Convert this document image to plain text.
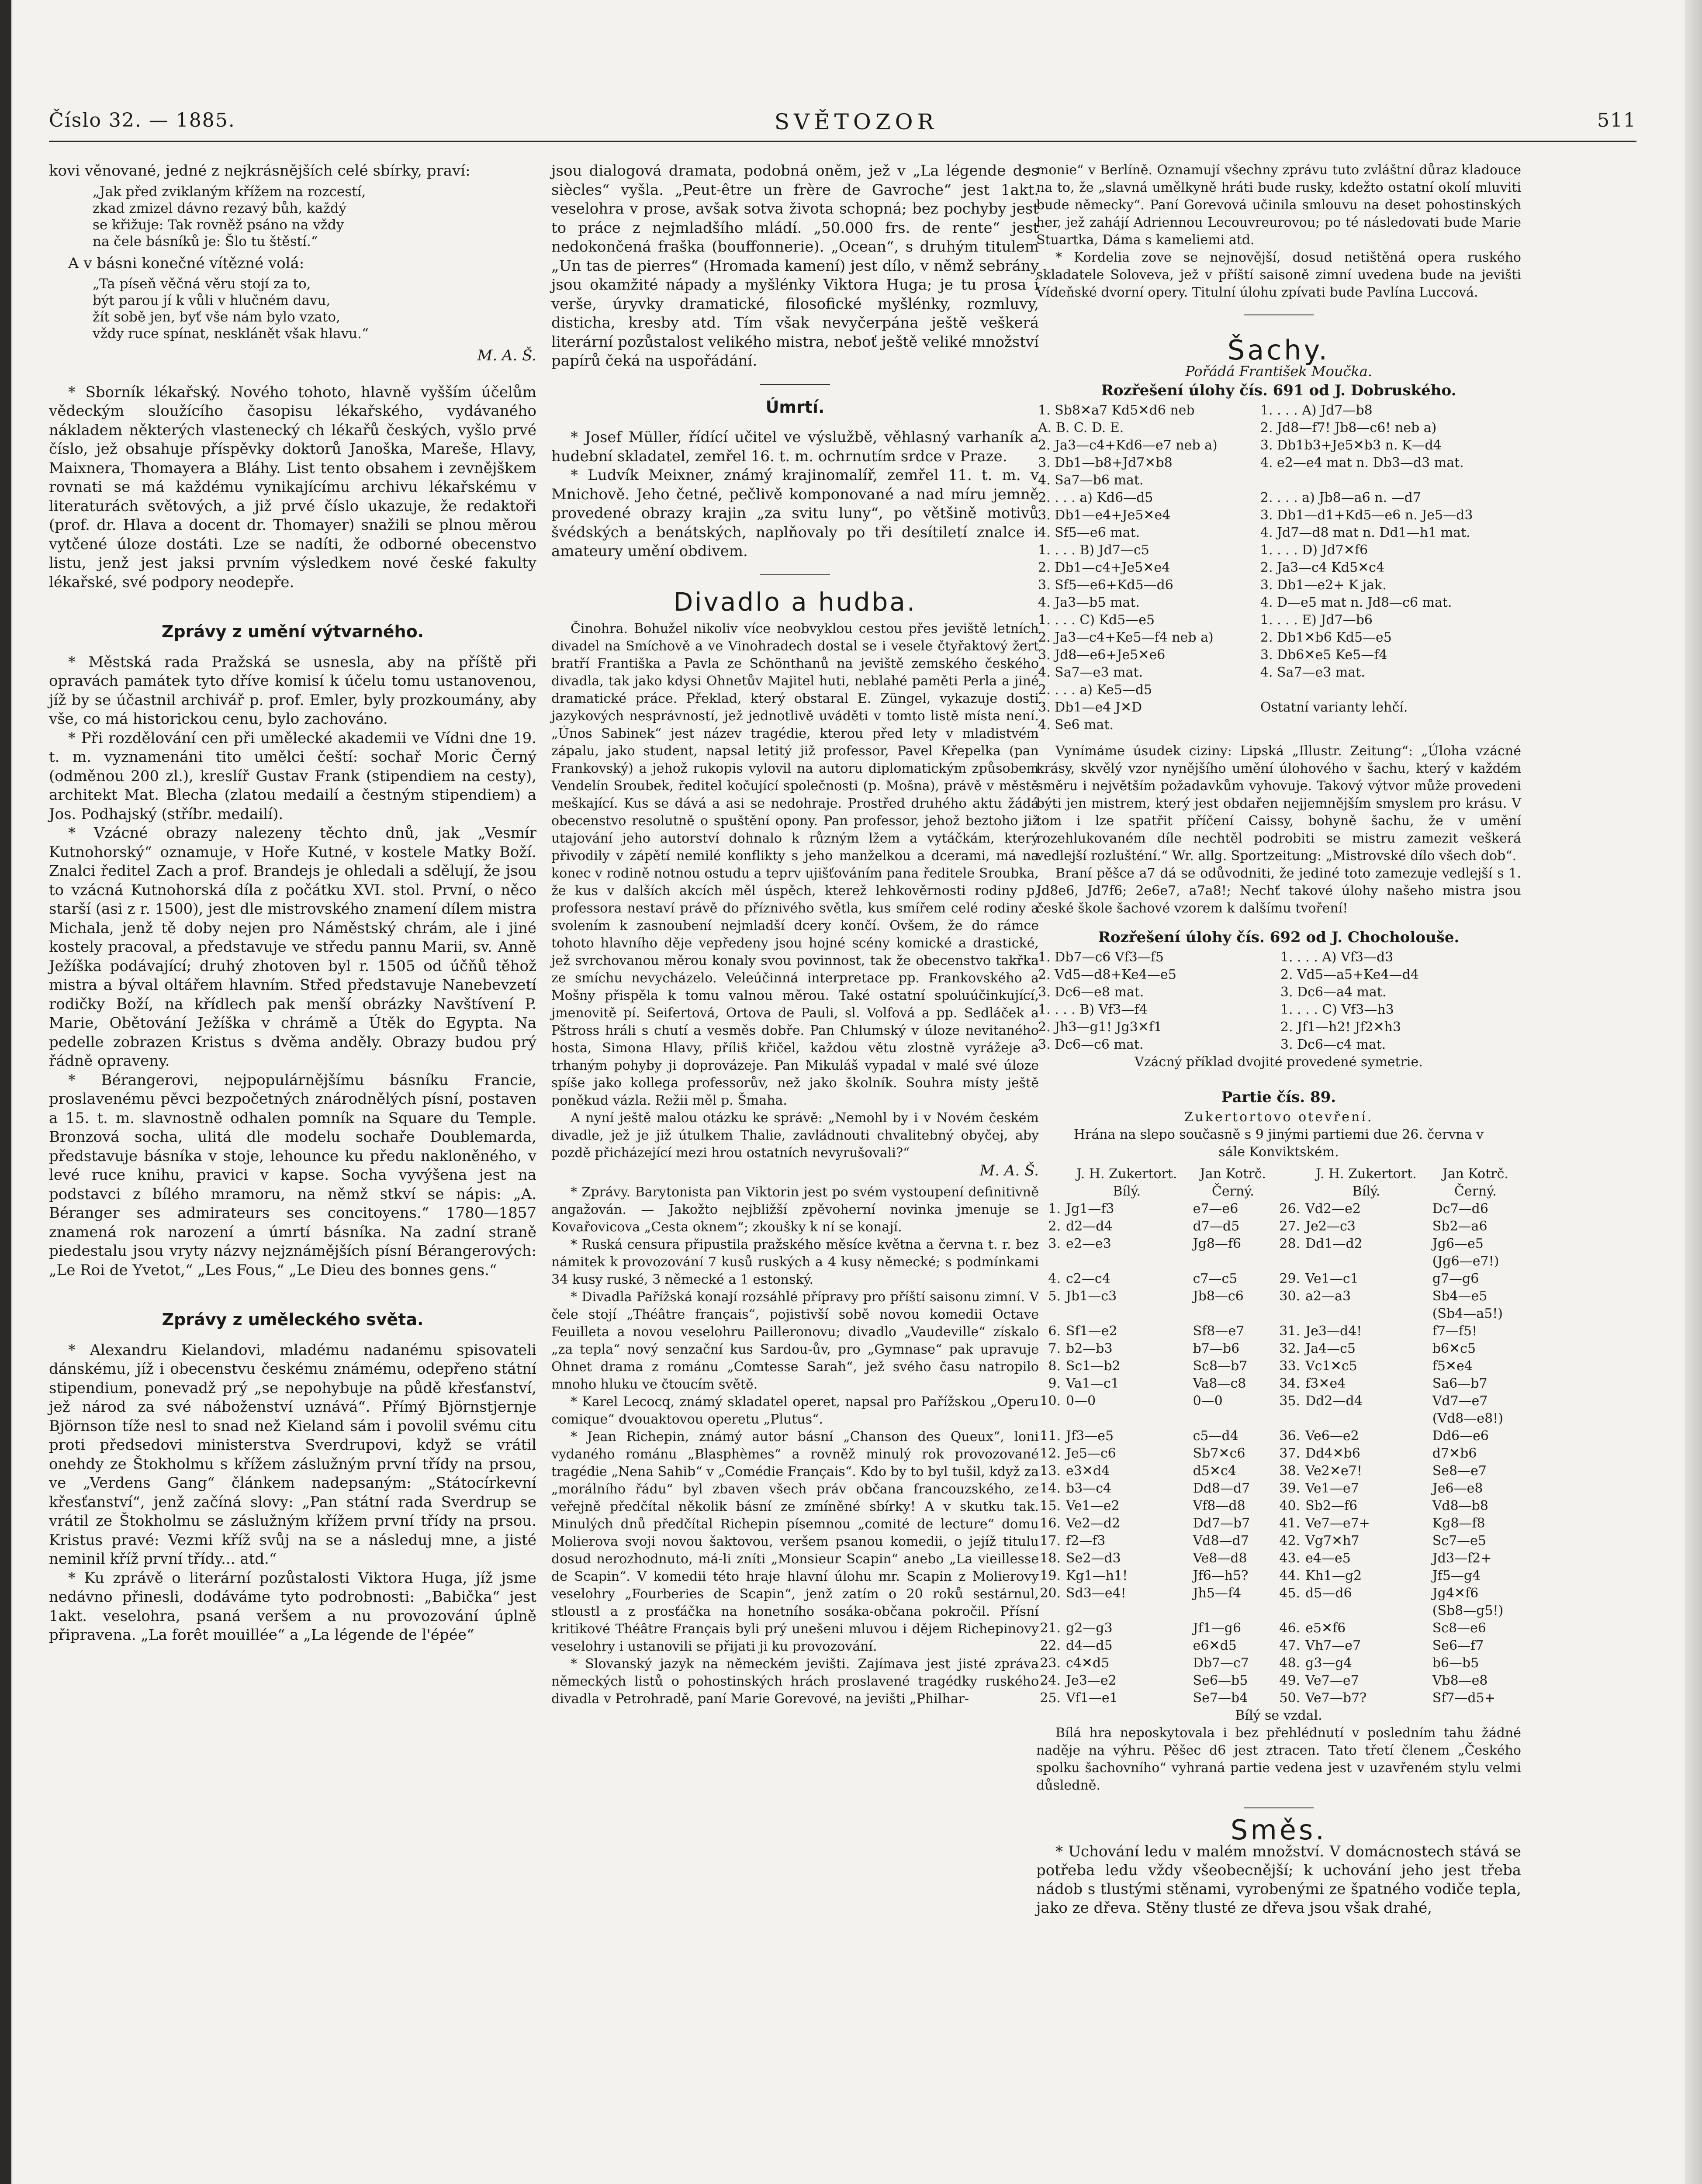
Číslo 32. — 1885.	SVĚTOZOR	511

kovi věnované, jedné z nejkrásnějších celé sbírky, praví:

„Jak před zviklaným křížem na rozcestí,
zkad zmizel dávno rezavý bůh, každý
se křižuje: Tak rovněž psáno na vždy
na čele básníků je: Šlo tu štěstí.“

A v básni konečné vítězné volá:

„Ta píseň věčná věru stojí za to,
být parou jí k vůli v hlučném davu,
žít sobě jen, byť vše nám bylo vzato,
vždy ruce spínat, nesklánět však hlavu.“
M. A. Š.

* Sborník lékařský. Nového tohoto, hlavně vyšším účelům vědeckým sloužícího časopisu lékařského, vydávaného nákladem některých vlastenecký ch lékařů českých, vyšlo prvé číslo, jež obsahuje příspěvky doktorů Janoška, Mareše, Hlavy, Maixnera, Thomayera a Bláhy. List tento obsahem i zevnějškem rovnati se má každému vynikajícímu archivu lékařskému v literaturách světových, a již prvé číslo ukazuje, že redaktoři (prof. dr. Hlava a docent dr. Thomayer) snažili se plnou měrou vytčené úloze dostáti. Lze se nadíti, že odborné obecenstvo listu, jenž jest jaksi prvním výsledkem nové české fakulty lékařské, své podpory neodepře.

Zprávy z umění výtvarného.

* Městská rada Pražská se usnesla, aby na příště při opravách památek tyto dříve komisí k účelu tomu ustanovenou, jíž by se účastnil archivář p. prof. Emler, byly prozkoumány, aby vše, co má historickou cenu, bylo zachováno.

* Při rozdělování cen při umělecké akademii ve Vídni dne 19. t. m. vyznamenáni tito umělci čeští: sochař Moric Černý (odměnou 200 zl.), kreslíř Gustav Frank (stipendiem na cesty), architekt Mat. Blecha (zlatou medailí a čestným stipendiem) a Jos. Podhajský (stříbr. medailí).

* Vzácné obrazy nalezeny těchto dnů, jak „Vesmír Kutnohorský“ oznamuje, v Hoře Kutné, v kostele Matky Boží. Znalci ředitel Zach a prof. Brandejs je ohledali a sdělují, že jsou to vzácná Kutnohorská díla z počátku XVI. stol. První, o něco starší (asi z r. 1500), jest dle mistrovského znamení dílem mistra Michala, jenž tě doby nejen pro Náměstský chrám, ale i jiné kostely pracoval, a představuje ve středu pannu Marii, sv. Anně Ježíška podávající; druhý zhotoven byl r. 1505 od účňů těhož mistra a býval oltářem hlavním. Střed představuje Nanebevzetí rodičky Boží, na křídlech pak menší obrázky Navštívení P. Marie, Obětování Ježíška v chrámě a Útěk do Egypta. Na pedelle zobrazen Kristus s dvěma anděly. Obrazy budou prý řádně opraveny.

* Bérangerovi, nejpopulárnějšímu básníku Francie, proslavenému pěvci bezpočetných znárodnělých písní, postaven a 15. t. m. slavnostně odhalen pomník na Square du Temple. Bronzová socha, ulitá dle modelu sochaře Doublemarda, představuje básníka v stoje, lehounce ku předu nakloněného, v levé ruce knihu, pravici v kapse. Socha vyvýšena jest na podstavci z bílého mramoru, na němž stkví se nápis: „A. Béranger ses admirateurs ses concitoyens.“ 1780—1857 znamená rok narození a úmrtí básníka. Na zadní straně piedestalu jsou vryty názvy nejznámějších písní Bérangerových: „Le Roi de Yvetot,“ „Les Fous,“ „Le Dieu des bonnes gens.“

Zprávy z uměleckého světa.

* Alexandru Kielandovi, mladému nadanému spisovateli dánskému, jíž i obecenstvu českému známému, odepřeno státní stipendium, ponevadž prý „se nepohybuje na půdě křesťanství, jež národ za své náboženství uznává“. Přímý Björnstjernje Björnson tíže nesl to snad než Kieland sám i povolil svému citu proti předsedovi ministerstva Sverdrupovi, když se vrátil onehdy ze Štokholmu s křížem záslužným první třídy na prsou, ve „Verdens Gang“ článkem nadepsaným: „Státocírkevní křesťanství“, jenž začíná slovy: „Pan státní rada Sverdrup se vrátil ze Štokholmu se záslužným křížem první třídy na prsou. Kristus pravé: Vezmi kříž svůj na se a následuj mne, a jisté neminil kříž první třídy... atd.“

* Ku zprávě o literární pozůstalosti Viktora Huga, jíž jsme nedávno přinesli, dodáváme tyto podrobnosti: „Babička“ jest 1akt. veselohra, psaná veršem a nu provozování úplně připravena. „La forêt mouillée“ a „La légende de l'épée“

jsou dialogová dramata, podobná oněm, jež v „La légende des siècles“ vyšla. „Peut-être un frère de Gavroche“ jest 1akt. veselohra v prose, avšak sotva života schopná; bez pochyby jest to práce z nejmladšího mládí. „50.000 frs. de rente“ jest nedokončená fraška (bouffonnerie). „Ocean“, s druhým titulem „Un tas de pierres“ (Hromada kamení) jest dílo, v němž sebrány jsou okamžité nápady a myšlénky Viktora Huga; je tu prosa i verše, úryvky dramatické, filosofické myšlénky, rozmluvy, disticha, kresby atd. Tím však nevyčerpána ještě veškerá literární pozůstalost velikého mistra, neboť ještě veliké množství papírů čeká na uspořádání.

Úmrtí.

* Josef Müller, řídící učitel ve výslužbě, věhlasný varhaník a hudební skladatel, zemřel 16. t. m. ochrnutím srdce v Praze.

* Ludvík Meixner, známý krajinomalíř, zemřel 11. t. m. v Mnichově. Jeho četné, pečlivě komponované a nad míru jemně provedené obrazy krajin „za svitu luny“, po většině motivů švédských a benátských, naplňovaly po tři desítiletí znalce i amateury umění obdivem.

Divadlo a hudba.

Činohra. Bohužel nikoliv více neobvyklou cestou přes jeviště letních divadel na Smíchově a ve Vinohradech dostal se i vesele čtyřaktový žert bratří Františka a Pavla ze Schönthanů na jeviště zemského českého divadla, tak jako kdysi Ohnetův Majitel huti, neblahé paměti Perla a jiné dramatické práce. Překlad, který obstaral E. Züngel, vykazuje dosti jazykových nesprávností, jež jednotlivě uváděti v tomto listě místa není. „Únos Sabinek“ jest název tragédie, kterou před lety v mladistvém zápalu, jako student, napsal letitý již professor, Pavel Křepelka (pan Frankovský) a jehož rukopis vylovil na autoru diplomatickým způsobem Vendelín Sroubek, ředitel kočující společnosti (p. Mošna), právě v městě meškající. Kus se dává a asi se nedohraje. Prostřed druhého aktu žádá obecenstvo resolutně o spuštění opony. Pan professor, jehož beztoho již utajování jeho autorství dohnalo k různým lžem a vytáčkám, který přivodily v zápětí nemilé konflikty s jeho manželkou a dcerami, má na konec v rodině notnou ostudu a teprv ujišťováním pana ředitele Sroubka, že kus v dalších akcích měl úspěch, kterež lehkověrnosti rodiny p. professora nestaví právě do příznivého světla, kus smířem celé rodiny a svolením k zasnoubení nejmladší dcery končí. Ovšem, že do rámce tohoto hlavního děje vepředeny jsou hojné scény komické a drastické, jež svrchovanou měrou konaly svou povinnost, tak že obecenstvo takřka ze smíchu nevycházelo. Veleúčinná interpretace pp. Frankovského a Mošny přispěla k tomu valnou měrou. Také ostatní spoluúčinkující, jmenovitě pí. Seifertová, Ortova de Pauli, sl. Volfová a pp. Sedláček a Pštross hráli s chutí a vesměs dobře. Pan Chlumský v úloze nevitaného hosta, Simona Hlavy, příliš křičel, každou větu zlostně vyrážeje a trhaným pohyby ji doprovázeje. Pan Mikuláš vypadal v malé své úloze spíše jako kollega professorův, než jako školník. Souhra místy ještě poněkud vázla. Režii měl p. Šmaha.

A nyní ještě malou otázku ke správě: „Nemohl by i v Novém českém divadle, jež je již útulkem Thalie, zavládnouti chvalitebný obyčej, aby pozdě přicházející mezi hrou ostatních nevyrušovali?“

M. A. Š.

* Zprávy. Barytonista pan Viktorin jest po svém vystoupení definitivně angažován. — Jakožto nejbližší zpěvoherní novinka jmenuje se Kovařovicova „Cesta oknem“; zkoušky k ní se konají.

* Ruská censura připustila pražského měsíce května a června t. r. bez námitek k provozování 7 kusů ruských a 4 kusy německé; s podmínkami 34 kusy ruské, 3 německé a 1 estonský.

* Divadla Pařížská konají rozsáhlé přípravy pro příští saisonu zimní. V čele stojí „Théâtre français“, pojistivší sobě novou komedii Octave Feuilleta a novou veselohru Pailleronovu; divadlo „Vaudeville“ získalo „za tepla“ nový senzační kus Sardou-ův, pro „Gymnase“ pak upravuje Ohnet drama z románu „Comtesse Sarah“, jež svého času natropilo mnoho hluku ve čtoucím světě.

* Karel Lecocq, známý skladatel operet, napsal pro Pařížskou „Operu comique“ dvouaktovou operetu „Plutus“.

* Jean Richepin, známý autor básní „Chanson des Queux“, loni vydaného románu „Blasphèmes“ a rovněž minulý rok provozované tragédie „Nena Sahib“ v „Comédie Français“. Kdo by to byl tušil, když za „morálního řádu“ byl zbaven všech práv občana francouzského, ze veřejně předčítal několik básní ze zmíněné sbírky! A v skutku tak. Minulých dnů předčítal Richepin písemnou „comité de lecture“ domu Molierova svoji novou šaktovou, veršem psanou komedii, o jejíž titulu dosud nerozhodnuto, má-li zníti „Monsieur Scapin“ anebo „La vieillesse de Scapin“. V komedii této hraje hlavní úlohu mr. Scapin z Molierovy veselohry „Fourberies de Scapin“, jenž zatím o 20 roků sestárnul, stloustl a z prosťáčka na honetního sosáka-občana pokročil. Přísní kritikové Théâtre Français byli prý unešeni mluvou i dějem Richepinovy veselohry i ustanovili se přijati ji ku provozování.

* Slovanský jazyk na německém jevišti. Zajímava jest jisté zpráva německých listů o pohostinských hrách proslavené tragédky ruského divadla v Petrohradě, paní Marie Gorevové, na jevišti „Philhar-

monie“ v Berlíně. Oznamují všechny zprávu tuto zvláštní důraz kladouce na to, že „slavná umělkyně hráti bude rusky, kdežto ostatní okolí mluviti bude německy“. Paní Gorevová učinila smlouvu na deset pohostinských her, jež zahájí Adriennou Lecouvreurovou; po té následovati bude Marie Stuartka, Dáma s kameliemi atd.

* Kordelia zove se nejnovější, dosud netištěná opera ruského skladatele Soloveva, jež v příští saisoně zimní uvedena bude na jevišti Vídeňské dvorní opery. Titulní úlohu zpívati bude Pavlína Luccová.

Šachy.
Pořádá František Moučka.
Rozřešení úlohy čís. 691 od J. Dobruského.
1. Sb8✕a7 Kd5✕d6 neb	1. . . . A) Jd7—b8
A. B. C. D. E.	2. Jd8—f7! Jb8—c6! neb a)
2. Ja3—c4+Kd6—e7 neb a)	3. Db1b3+Je5✕b3 n. K—d4
3. Db1—b8+Jd7✕b8	4. e2—e4 mat n. Db3—d3 mat.
4. Sa7—b6 mat.	
2. . . . a) Kd6—d5	2. . . . a) Jb8—a6 n. —d7
3. Db1—e4+Je5✕e4	3. Db1—d1+Kd5—e6 n. Je5—d3
4. Sf5—e6 mat.	4. Jd7—d8 mat n. Dd1—h1 mat.
1. . . . B) Jd7—c5	1. . . . D) Jd7✕f6
2. Db1—c4+Je5✕e4	2. Ja3—c4 Kd5✕c4
3. Sf5—e6+Kd5—d6	3. Db1—e2+ K jak.
4. Ja3—b5 mat.	4. D—e5 mat n. Jd8—c6 mat.
1. . . . C) Kd5—e5	1. . . . E) Jd7—b6
2. Ja3—c4+Ke5—f4 neb a)	2. Db1✕b6 Kd5—e5
3. Jd8—e6+Je5✕e6	3. Db6✕e5 Ke5—f4
4. Sa7—e3 mat.	4. Sa7—e3 mat.
2. . . . a) Ke5—d5	
3. Db1—e4 J✕D	Ostatní varianty lehčí.
4. Se6 mat.	

Vynímáme úsudek ciziny: Lipská „Illustr. Zeitung“: „Úloha vzácné krásy, skvělý vzor nynějšího umění úlohového v šachu, který v každém směru i největším požadavkům vyhovuje. Takový výtvor může provedeni býti jen mistrem, který jest obdařen nejjemnějším smyslem pro krásu. V tom i lze spatřit příčení Caissy, bohyně šachu, že v umění rozehlukovaném díle nechtěl podrobiti se mistru zamezit veškerá vedlejší rozlušténí.“ Wr. allg. Sportzeitung: „Mistrovské dílo všech dob“.

Braní pěšce a7 dá se odůvodniti, že jediné toto zamezuje vedlejší s 1. Jd8e6, Jd7f6; 2e6e7, a7a8!; Nechť takové úlohy našeho mistra jsou české škole šachové vzorem k dalšímu tvoření!

Rozřešení úlohy čís. 692 od J. Chocholouše.
1. Db7—c6 Vf3—f5	1. . . . A) Vf3—d3
2. Vd5—d8+Ke4—e5	2. Vd5—a5+Ke4—d4
3. Dc6—e8 mat.	3. Dc6—a4 mat.
1. . . . B) Vf3—f4	1. . . . C) Vf3—h3
2. Jh3—g1! Jg3✕f1	2. Jf1—h2! Jf2✕h3
3. Dc6—c6 mat.	3. Dc6—c4 mat.
Vzácný příklad dvojité provedené symetrie.
Partie čís. 89.
Zukertortovo otevření.
Hrána na slepo současně s 9 jinými partiemi due 26. června v sále Konviktském.
	J. H. Zukertort.	Jan Kotrč.		J. H. Zukertort.	Jan Kotrč.
	Bílý.	Černý.		Bílý.	Černý.
1.	Jg1—f3	e7—e6	26.	Vd2—e2	Dc7—d6
2.	d2—d4	d7—d5	27.	Je2—c3	Sb2—a6
3.	e2—e3	Jg8—f6	28.	Dd1—d2	Jg6—e5
					(Jg6—e7!)
4.	c2—c4	c7—c5	29.	Ve1—c1	g7—g6
5.	Jb1—c3	Jb8—c6	30.	a2—a3	Sb4—e5
					(Sb4—a5!)
6.	Sf1—e2	Sf8—e7	31.	Je3—d4!	f7—f5!
7.	b2—b3	b7—b6	32.	Ja4—c5	b6✕c5
8.	Sc1—b2	Sc8—b7	33.	Vc1✕c5	f5✕e4
9.	Va1—c1	Va8—c8	34.	f3✕e4	Sa6—b7
10.	0—0	0—0	35.	Dd2—d4	Vd7—e7
					(Vd8—e8!)
11.	Jf3—e5	c5—d4	36.	Ve6—e2	Dd6—e6
12.	Je5—c6	Sb7✕c6	37.	Dd4✕b6	d7✕b6
13.	e3✕d4	d5✕c4	38.	Ve2✕e7!	Se8—e7
14.	b3—c4	Dd8—d7	39.	Ve1—e7	Je6—e8
15.	Ve1—e2	Vf8—d8	40.	Sb2—f6	Vd8—b8
16.	Ve2—d2	Dd7—b7	41.	Ve7—e7+	Kg8—f8
17.	f2—f3	Vd8—d7	42.	Vg7✕h7	Sc7—e5
18.	Se2—d3	Ve8—d8	43.	e4—e5	Jd3—f2+
19.	Kg1—h1!	Jf6—h5?	44.	Kh1—g2	Jf5—g4
20.	Sd3—e4!	Jh5—f4	45.	d5—d6	Jg4✕f6
					(Sb8—g5!)
21.	g2—g3	Jf1—g6	46.	e5✕f6	Sc8—e6
22.	d4—d5	e6✕d5	47.	Vh7—e7	Se6—f7
23.	c4✕d5	Db7—c7	48.	g3—g4	b6—b5
24.	Je3—e2	Se6—b5	49.	Ve7—e7	Vb8—e8
25.	Vf1—e1	Se7—b4	50.	Ve7—b7?	Sf7—d5+
Bílý se vzdal.

Bílá hra neposkytovala i bez přehlédnutí v posledním tahu žádné naděje na výhru. Pěšec d6 jest ztracen. Tato třetí členem „Českého spolku šachovního“ vyhraná partie vedena jest v uzavřeném stylu velmi důsledně.

Směs.

* Uchování ledu v malém množství. V domácnostech stává se potřeba ledu vždy všeobecnější; k uchování jeho jest třeba nádob s tlustými stěnami, vyrobenými ze špatného vodiče tepla, jako ze dřeva. Stěny tlusté ze dřeva jsou však drahé,
